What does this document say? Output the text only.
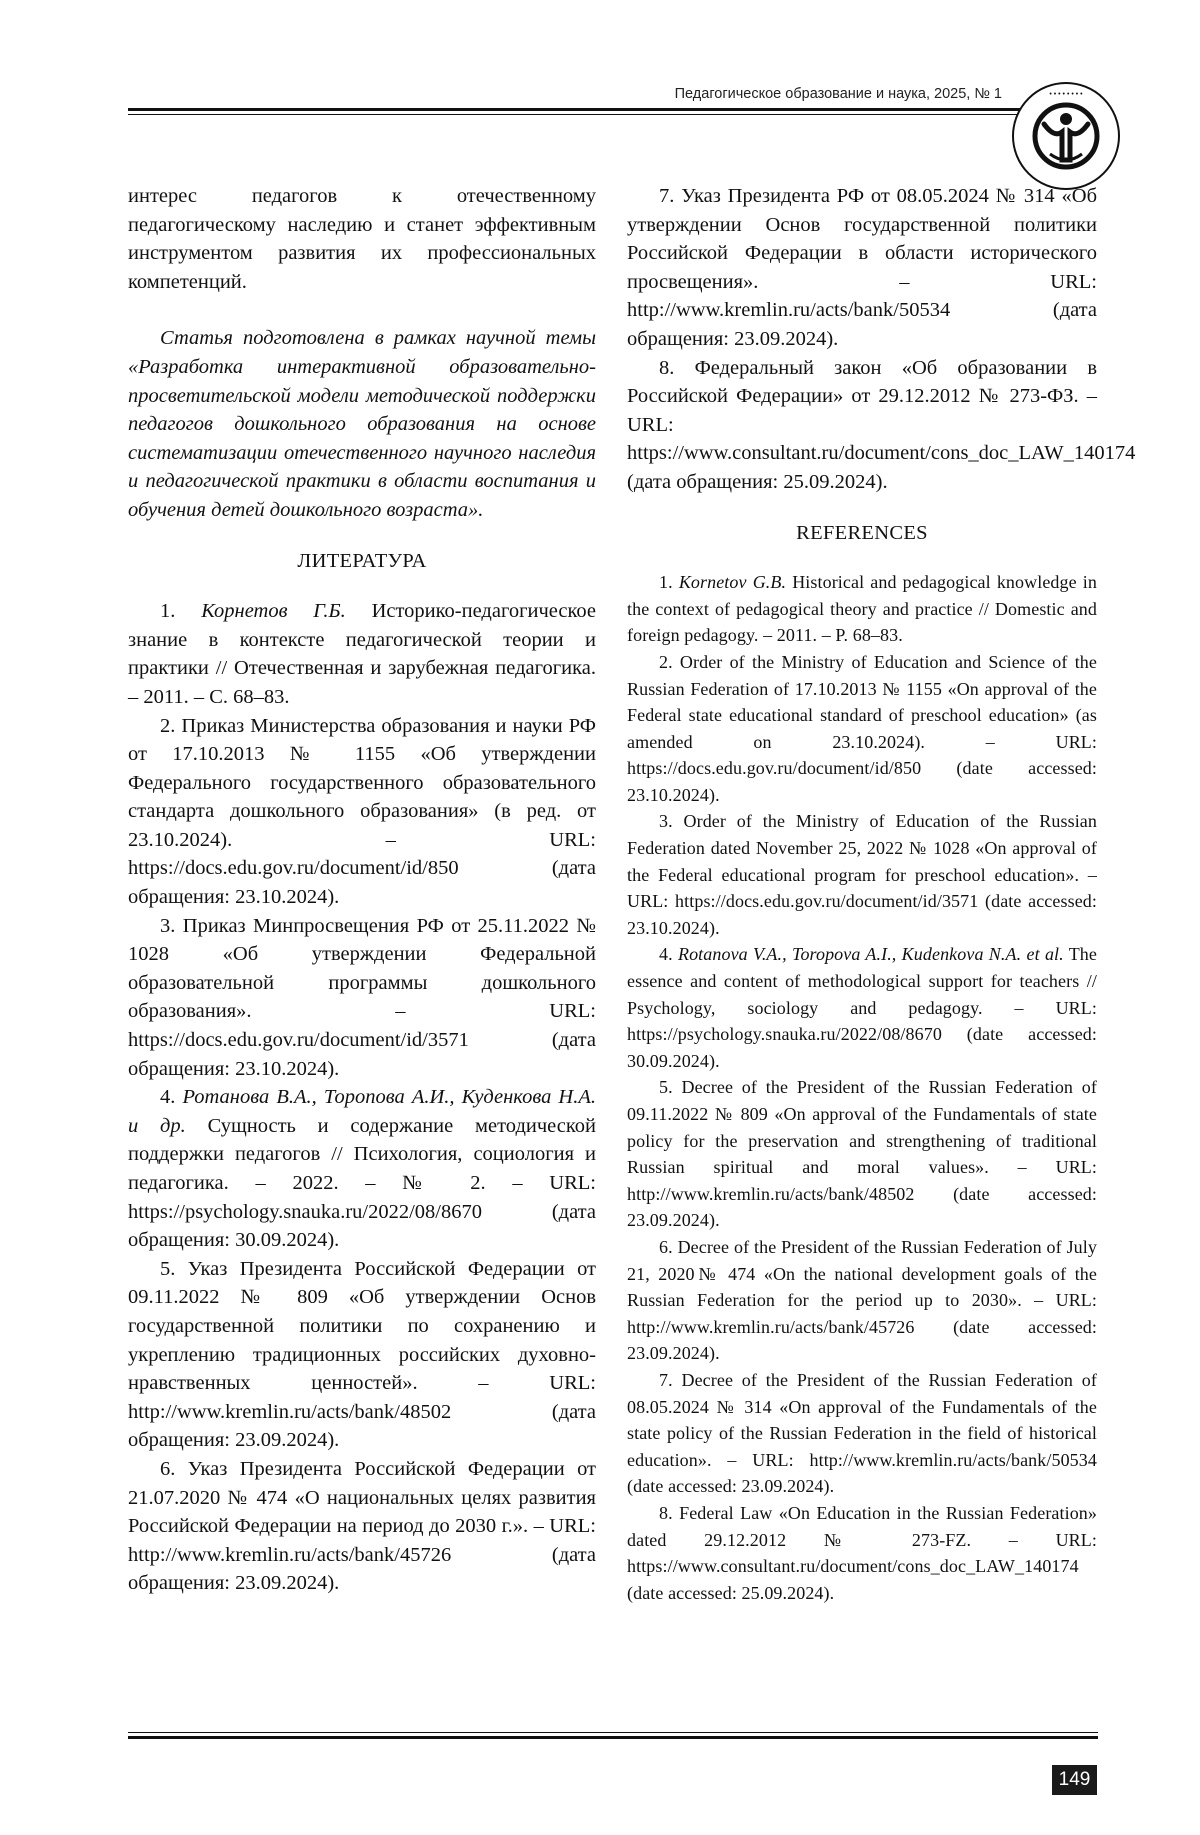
Педагогическое образование и наука, 2025, № 1	• • • • • • • •

интерес педагогов к отечественному педагогическому наследию и станет эффективным инструментом развития их профессиональных компетенций.

Статья подготовлена в рамках научной темы «Разработка интерактивной образовательно-просветительской модели методической поддержки педагогов дошкольного образования на основе систематизации отечественного научного наследия и педагогической практики в области воспитания и обучения детей дошкольного возраста».

ЛИТЕРАТУРА

1. Корнетов Г.Б. Историко-педагогическое знание в контексте педагогической теории и практики // Отечественная и зарубежная педагогика. – 2011. – С. 68–83.

2. Приказ Министерства образования и науки РФ от 17.10.2013 № 1155 «Об утверждении Федерального государственного образовательного стандарта дошкольного образования» (в ред. от 23.10.2024). – URL: https://docs.edu.gov.ru/document/id/850 (дата обращения: 23.10.2024).

3. Приказ Минпросвещения РФ от 25.11.2022 № 1028 «Об утверждении Федеральной образовательной программы дошкольного образования». – URL: https://docs.edu.gov.ru/document/id/3571 (дата обращения: 23.10.2024).

4. Ротанова В.А., Торопова А.И., Куденкова Н.А. и др. Сущность и содержание методической поддержки педагогов // Психология, социология и педагогика. – 2022. – № 2. – URL: https://psychology.snauka.ru/2022/08/8670 (дата обращения: 30.09.2024).

5. Указ Президента Российской Федерации от 09.11.2022 № 809 «Об утверждении Основ государственной политики по сохранению и укреплению традиционных российских духовно-нравственных ценностей». – URL: http://www.kremlin.ru/acts/bank/48502 (дата обращения: 23.09.2024).

6. Указ Президента Российской Федерации от 21.07.2020 № 474 «О национальных целях развития Российской Федерации на период до 2030 г.». – URL: http://www.kremlin.ru/acts/bank/45726 (дата обращения: 23.09.2024).

7. Указ Президента РФ от 08.05.2024 № 314 «Об утверждении Основ государственной политики Российской Федерации в области исторического просвещения». – URL: http://www.kremlin.ru/acts/bank/50534 (дата обращения: 23.09.2024).

8. Федеральный закон «Об образовании в Российской Федерации» от 29.12.2012 № 273-ФЗ. – URL: https://www.consultant.ru/document/cons_doc_LAW_140174 (дата обращения: 25.09.2024).

REFERENCES

1. Kornetov G.B. Historical and pedagogical knowledge in the context of pedagogical theory and practice // Domestic and foreign pedagogy. – 2011. – P. 68–83.

2. Order of the Ministry of Education and Science of the Russian Federation of 17.10.2013 № 1155 «On approval of the Federal state educational standard of preschool education» (as amended on 23.10.2024). – URL: https://docs.edu.gov.ru/document/id/850 (date accessed: 23.10.2024).

3. Order of the Ministry of Education of the Russian Federation dated November 25, 2022 № 1028 «On approval of the Federal educational program for preschool education». – URL: https://docs.edu.gov.ru/document/id/3571 (date accessed: 23.10.2024).

4. Rotanova V.A., Toropova A.I., Kudenkova N.A. et al. The essence and content of methodological support for teachers // Psychology, sociology and pedagogy. – URL: https://psychology.snauka.ru/2022/08/8670 (date accessed: 30.09.2024).

5. Decree of the President of the Russian Federation of 09.11.2022 № 809 «On approval of the Fundamentals of state policy for the preservation and strengthening of traditional Russian spiritual and moral values». – URL: http://www.kremlin.ru/acts/bank/48502 (date accessed: 23.09.2024).

6. Decree of the President of the Russian Federation of July 21, 2020№ 474 «On the national development goals of the Russian Federation for the period up to 2030». – URL: http://www.kremlin.ru/acts/bank/45726 (date accessed: 23.09.2024).

7. Decree of the President of the Russian Federation of 08.05.2024 № 314 «On approval of the Fundamentals of the state policy of the Russian Federation in the field of historical education». – URL: http://www.kremlin.ru/acts/bank/50534 (date accessed: 23.09.2024).

8. Federal Law «On Education in the Russian Federation» dated 29.12.2012 № 273-FZ. – URL: https://www.consultant.ru/document/cons_doc_LAW_140174 (date accessed: 25.09.2024).

149
